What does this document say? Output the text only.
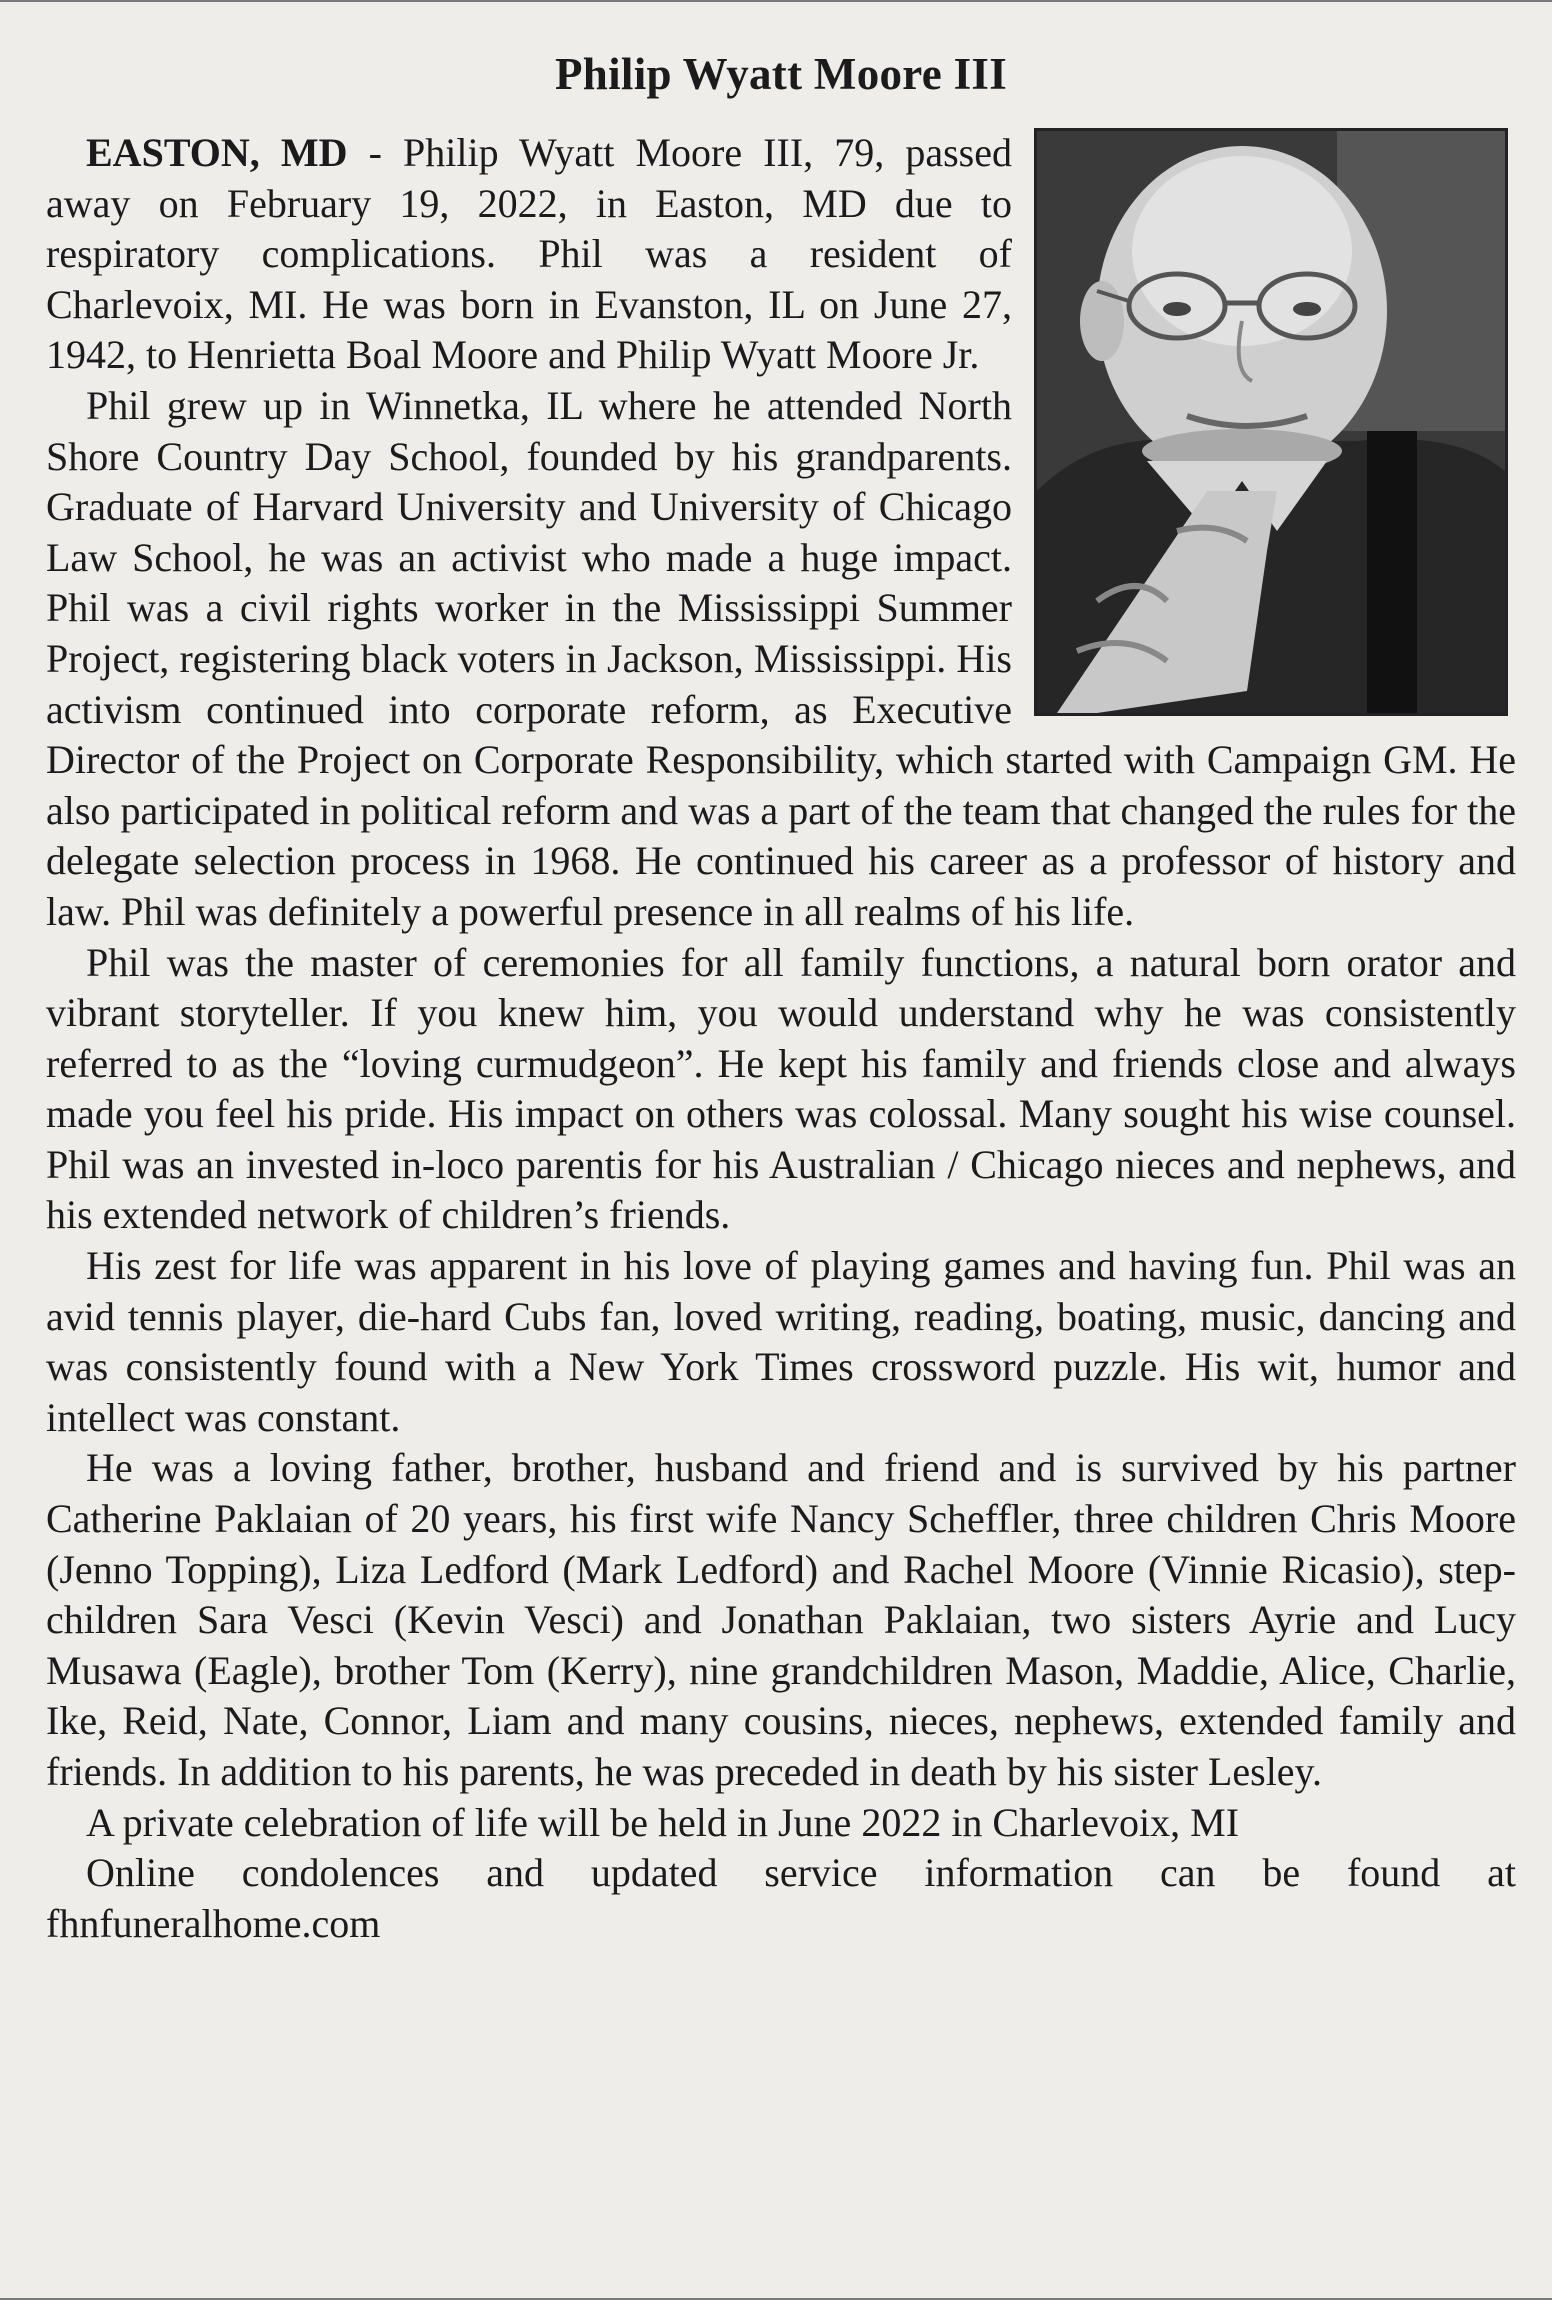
Philip Wyatt Moore III

EASTON, MD - Philip Wyatt Moore III, 79, passed away on February 19, 2022, in Easton, MD due to respiratory complications. Phil was a resident of Charlevoix, MI. He was born in Evanston, IL on June 27, 1942, to Henrietta Boal Moore and Philip Wyatt Moore Jr.

Phil grew up in Winnetka, IL where he attended North Shore Country Day School, founded by his grandparents. Graduate of Harvard University and University of Chicago Law School, he was an activist who made a huge impact. Phil was a civil rights worker in the Mississippi Summer Project, registering black voters in Jackson, Mississippi. His activism continued into corporate reform, as Executive Director of the Project on Corporate Responsibility, which started with Campaign GM. He also participated in political reform and was a part of the team that changed the rules for the delegate selection process in 1968. He continued his career as a professor of history and law. Phil was definitely a powerful presence in all realms of his life.

Phil was the master of ceremonies for all family functions, a natural born orator and vibrant storyteller. If you knew him, you would understand why he was consistently referred to as the “loving curmudgeon”. He kept his family and friends close and always made you feel his pride. His impact on others was colossal. Many sought his wise counsel. Phil was an invested in-loco parentis for his Australian / Chicago nieces and nephews, and his extended network of children’s friends.

His zest for life was apparent in his love of playing games and having fun. Phil was an avid tennis player, die-hard Cubs fan, loved writing, reading, boating, music, dancing and was consistently found with a New York Times crossword puzzle. His wit, humor and intellect was constant.

He was a loving father, brother, husband and friend and is survived by his partner Catherine Paklaian of 20 years, his first wife Nancy Scheffler, three children Chris Moore (Jenno Topping), Liza Ledford (Mark Ledford) and Rachel Moore (Vinnie Ricasio), step-children Sara Vesci (Kevin Vesci) and Jonathan Paklaian, two sisters Ayrie and Lucy Musawa (Eagle), brother Tom (Kerry), nine grandchildren Mason, Maddie, Alice, Charlie, Ike, Reid, Nate, Connor, Liam and many cousins, nieces, nephews, extended family and friends. In addition to his parents, he was preceded in death by his sister Lesley.

A private celebration of life will be held in June 2022 in Charlevoix, MI

Online condolences and updated service information can be found at fhnfuneralhome.com
